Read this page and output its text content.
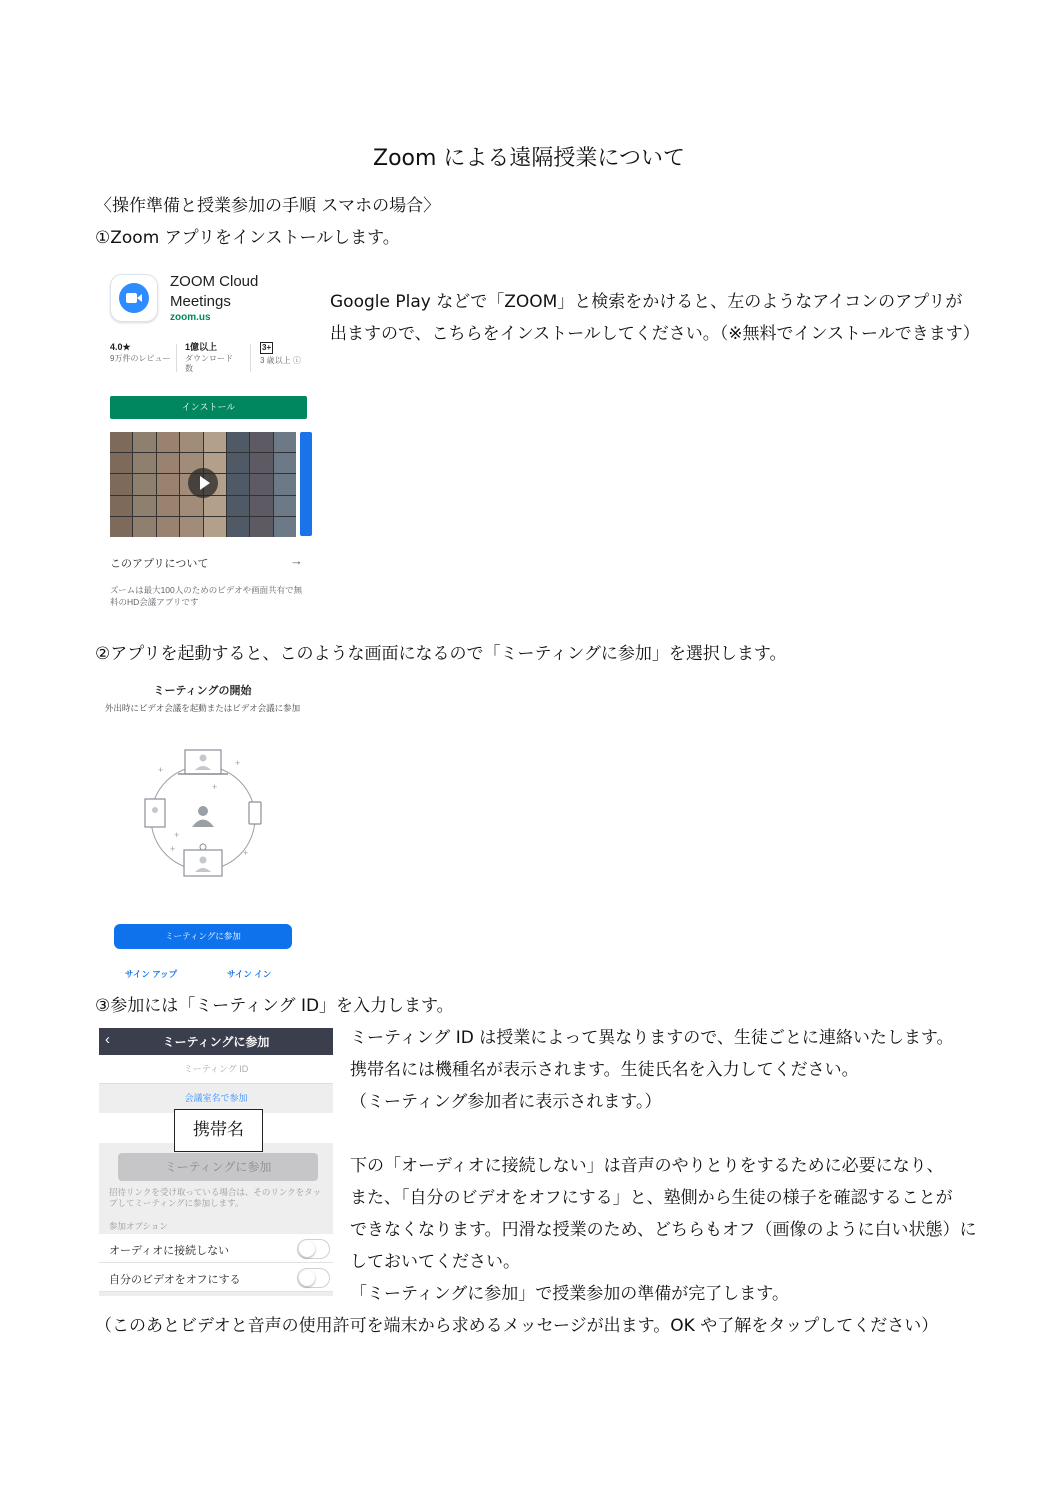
Zoom による遠隔授業について
〈操作準備と授業参加の手順 スマホの場合〉
①Zoom アプリをインストールします。
ZOOM Cloud Meetings
zoom.us
4.0★
9万件のレビュー
1億以上
ダウンロード数
3+
3 歳以上 ⓘ
インストール
このアプリについて	→
ズームは最大100人のためのビデオや画面共有で無料のHD会議アプリです
Google Play などで「ZOOM」と検索をかけると、左のようなアイコンのアプリが
出ますので、こちらをインストールしてください。（※無料でインストールできます）
②アプリを起動すると、このような画面になるので「ミーティングに参加」を選択します。
ミーティングの開始
外出時にビデオ会議を起動またはビデオ会議に参加
+
+
+
+
+
+
ミーティングに参加
サイン アップ	サイン イン
③参加には「ミーティング ID」を入力します。
ミーティングに参加
‹
ミーティング ID
会議室名で参加
ミーティングに参加
招待リンクを受け取っている場合は、そのリンクをタップしてミーティングに参加します。
参加オプション
オーディオに接続しない
自分のビデオをオフにする
携帯名
ミーティング ID は授業によって異なりますので、生徒ごとに連絡いたします。
携帯名には機種名が表示されます。生徒氏名を入力してください。
（ミーティング参加者に表示されます。）
下の「オーディオに接続しない」は音声のやりとりをするために必要になり、
また、「自分のビデオをオフにする」と、塾側から生徒の様子を確認することが
できなくなります。円滑な授業のため、どちらもオフ（画像のように白い状態）に
しておいてください。
「ミーティングに参加」で授業参加の準備が完了します。
（このあとビデオと音声の使用許可を端末から求めるメッセージが出ます。OK や了解をタップしてください）
